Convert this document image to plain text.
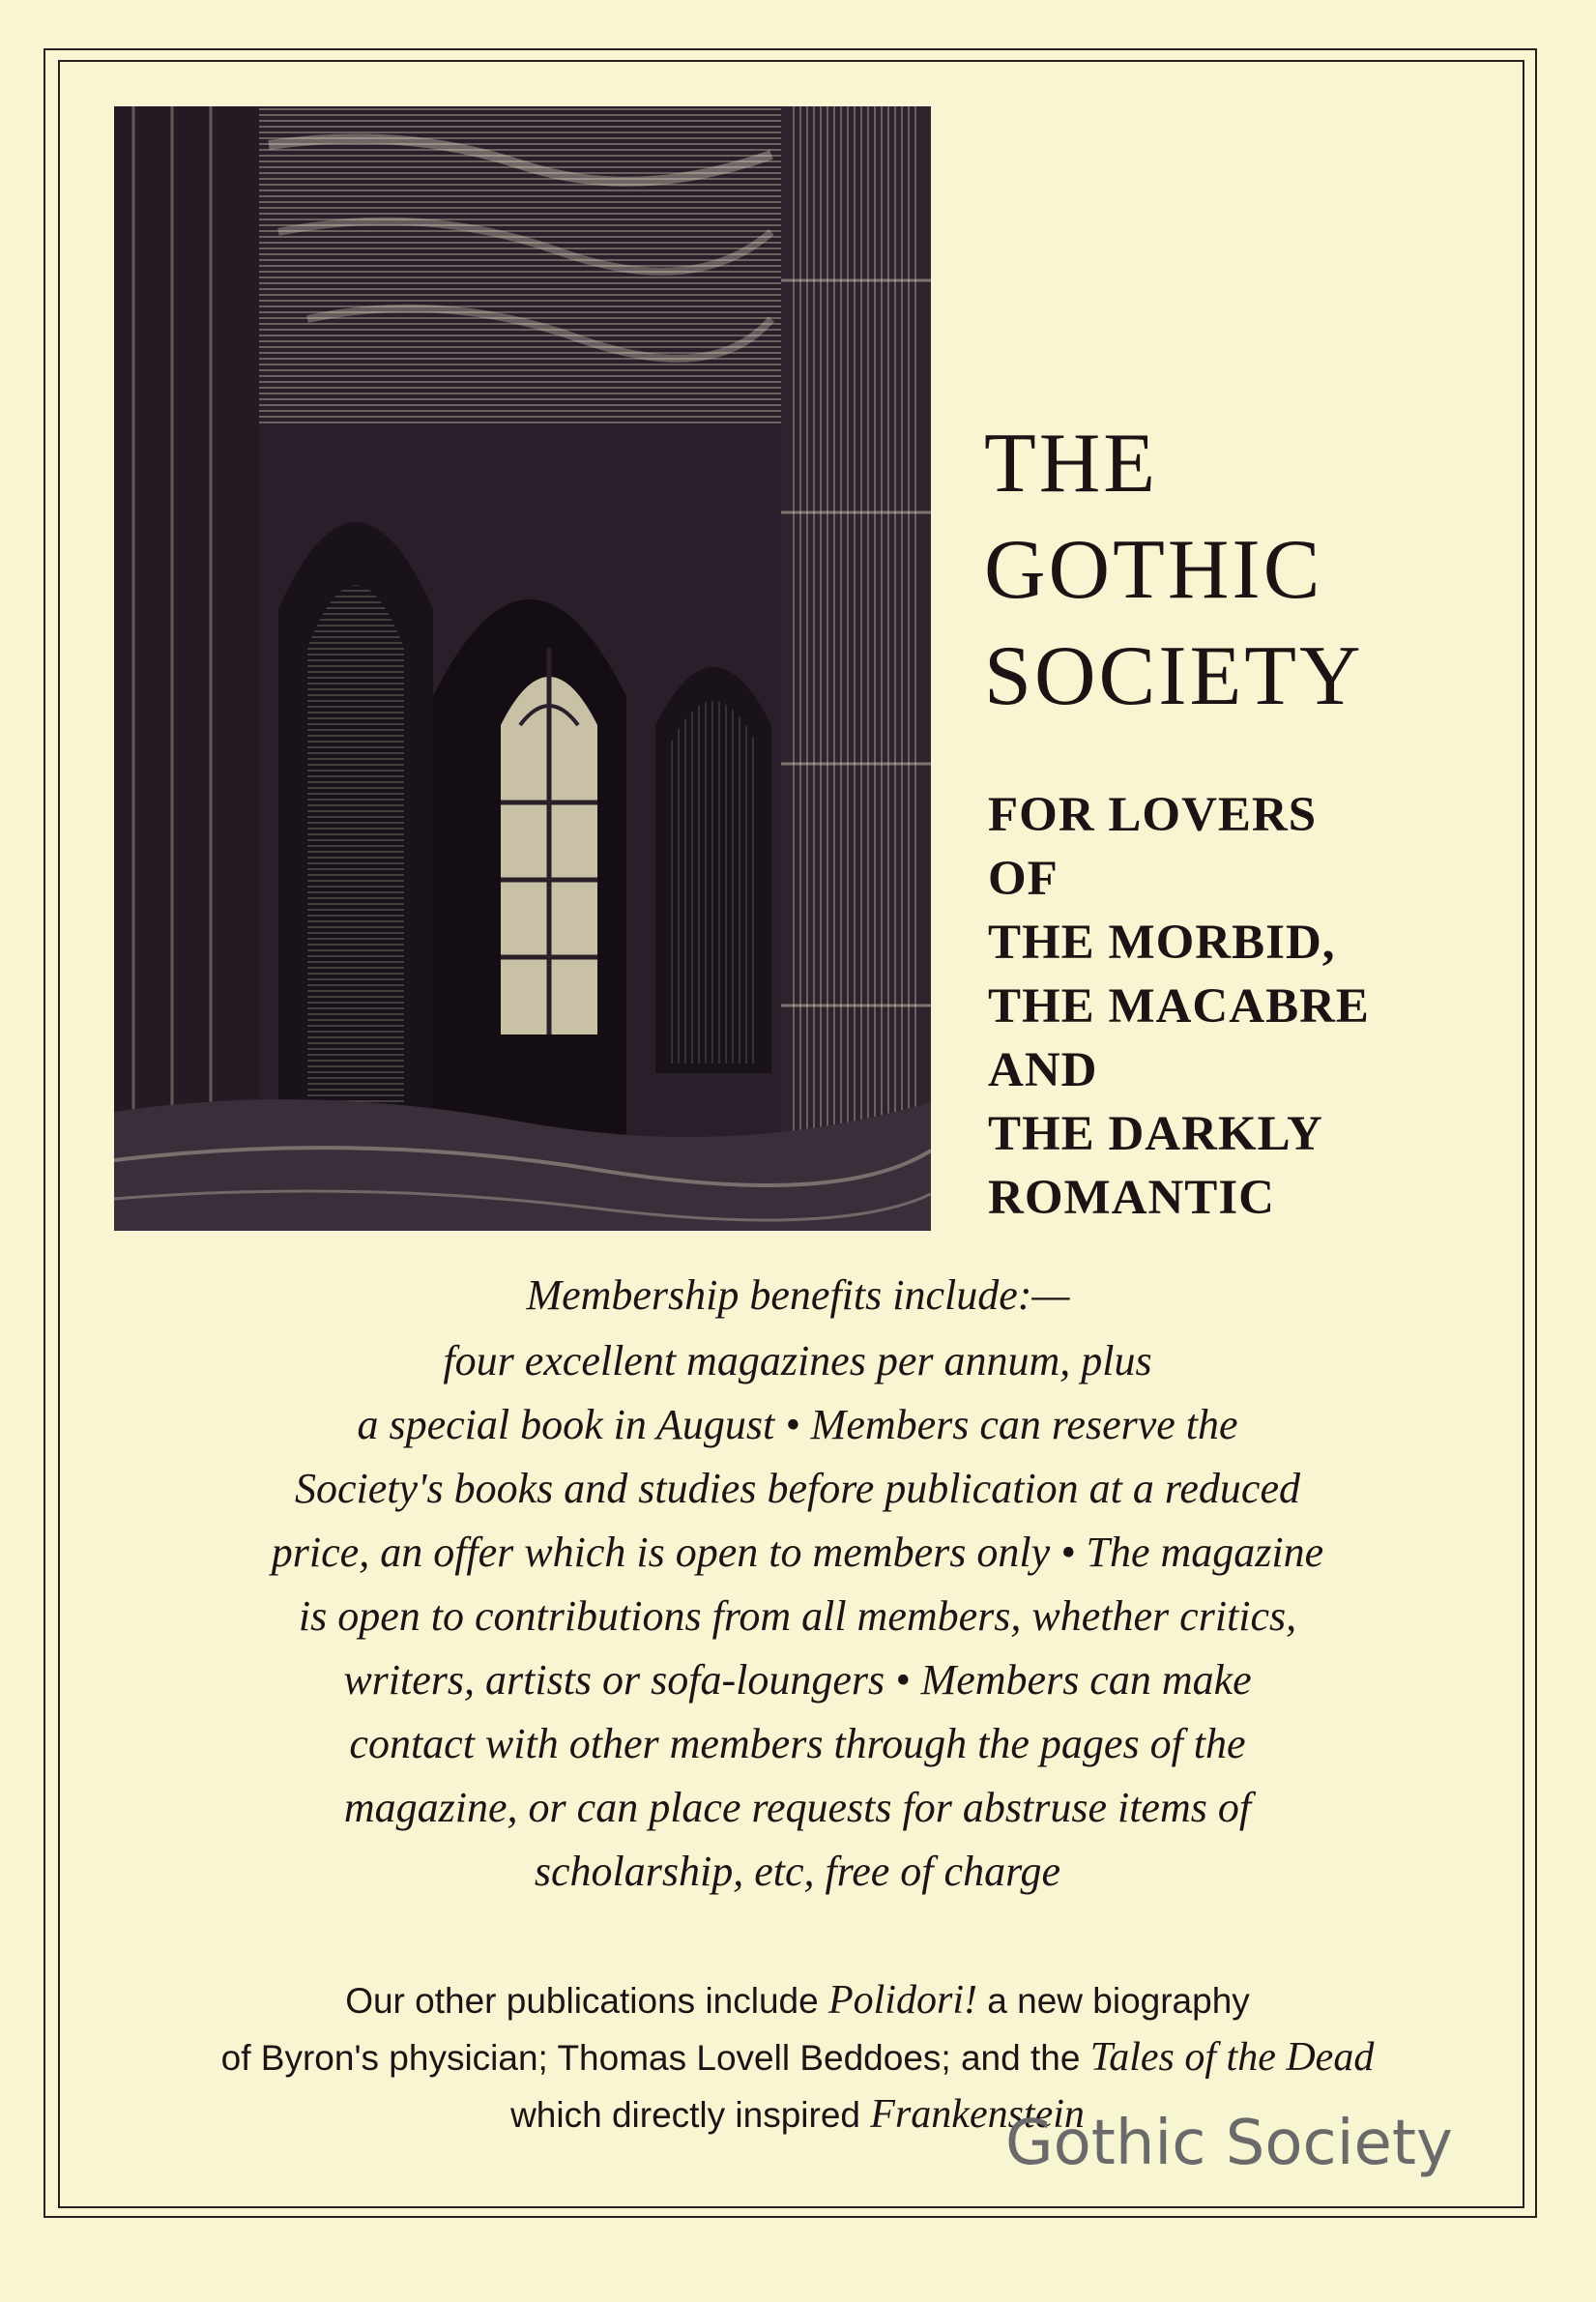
THE
GOTHIC
SOCIETY
FOR LOVERS
OF
THE MORBID,
THE MACABRE
AND
THE DARKLY
ROMANTIC
Membership benefits include:—
four excellent magazines per annum, plus
a special book in August • Members can reserve the
Society's books and studies before publication at a reduced
price, an offer which is open to members only • The magazine
is open to contributions from all members, whether critics,
writers, artists or sofa-loungers • Members can make
contact with other members through the pages of the
magazine, or can place requests for abstruse items of
scholarship, etc, free of charge
Our other publications include Polidori! a new biography
of Byron's physician; Thomas Lovell Beddoes; and the Tales of the Dead
which directly inspired Frankenstein
Gothic Society
